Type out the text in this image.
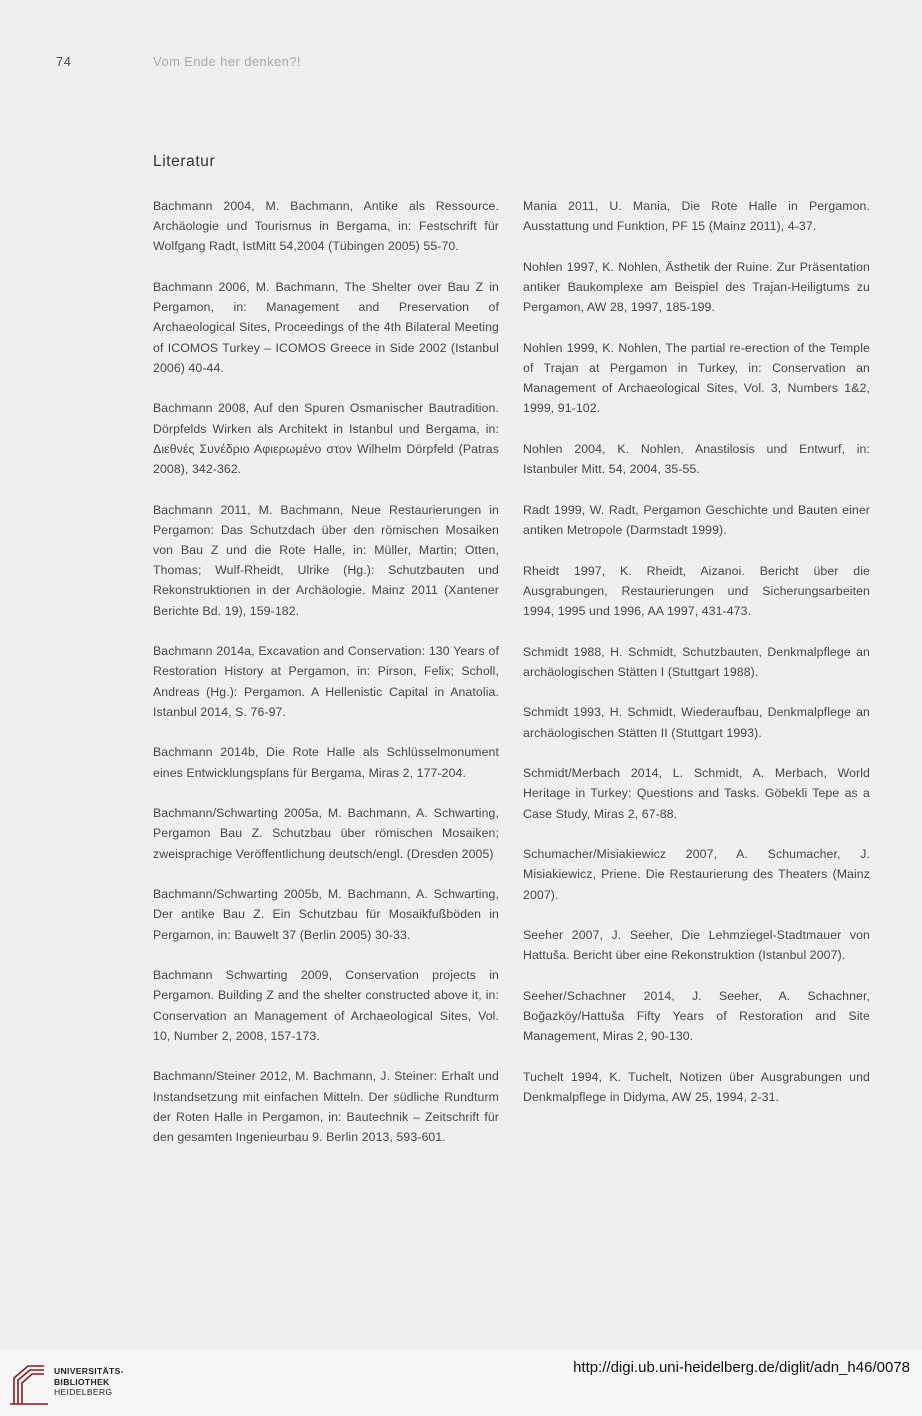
74	Vom Ende her denken?!
Literatur

Bachmann 2004, M. Bachmann, Antike als Ressource. Archäologie und Tourismus in Bergama, in: Festschrift für Wolfgang Radt, IstMitt 54,2004 (Tübingen 2005) 55-70.

Bachmann 2006, M. Bachmann, The Shelter over Bau Z in Pergamon, in: Management and Preservation of Archaeological Sites, Proceedings of the 4th Bilateral Meeting of ICOMOS Turkey – ICOMOS Greece in Side 2002 (Istanbul 2006) 40-44.

Bachmann 2008, Auf den Spuren Osmanischer Bautradition. Dörpfelds Wirken als Architekt in Istanbul und Bergama, in: Διεθνές Συνέδριο Αφιερωμένο στον Wilhelm Dörpfeld (Patras 2008), 342-362.

Bachmann 2011, M. Bachmann, Neue Restaurierungen in Pergamon: Das Schutzdach über den römischen Mosaiken von Bau Z und die Rote Halle, in: Müller, Martin; Otten, Thomas; Wulf-Rheidt, Ulrike (Hg.): Schutzbauten und Rekonstruktionen in der Archäologie. Mainz 2011 (Xantener Berichte Bd. 19), 159-182.

Bachmann 2014a, Excavation and Conservation: 130 Years of Restoration History at Pergamon, in: Pirson, Felix; Scholl, Andreas (Hg.): Pergamon. A Hellenistic Capital in Anatolia. Istanbul 2014, S. 76-97.

Bachmann 2014b, Die Rote Halle als Schlüsselmonument eines Entwicklungsplans für Bergama, Miras 2, 177-204.

Bachmann/Schwarting 2005a, M. Bachmann, A. Schwarting, Pergamon Bau Z. Schutzbau über römischen Mosaiken; zweisprachige Veröffentlichung deutsch/engl. (Dresden 2005)

Bachmann/Schwarting 2005b, M. Bachmann, A. Schwarting, Der antike Bau Z. Ein Schutzbau für Mosaikfußböden in Pergamon, in: Bauwelt 37 (Berlin 2005) 30-33.

Bachmann Schwarting 2009, Conservation projects in Pergamon. Building Z and the shelter constructed above it, in: Conservation an Management of Archaeological Sites, Vol. 10, Number 2, 2008, 157-173.

Bachmann/Steiner 2012, M. Bachmann, J. Steiner: Erhalt und Instandsetzung mit einfachen Mitteln. Der südliche Rundturm der Roten Halle in Pergamon, in: Bautechnik – Zeitschrift für den gesamten Ingenieurbau 9. Berlin 2013, 593-601.

Mania 2011, U. Mania, Die Rote Halle in Pergamon. Ausstattung und Funktion, PF 15 (Mainz 2011), 4-37.

Nohlen 1997, K. Nohlen, Ästhetik der Ruine. Zur Präsentation antiker Baukomplexe am Beispiel des Trajan-Heiligtums zu Pergamon, AW 28, 1997, 185-199.

Nohlen 1999, K. Nohlen, The partial re-erection of the Temple of Trajan at Pergamon in Turkey, in: Conservation an Management of Archaeological Sites, Vol. 3, Numbers 1&2, 1999, 91-102.

Nohlen 2004, K. Nohlen, Anastilosis und Entwurf, in: Istanbuler Mitt. 54, 2004, 35-55.

Radt 1999, W. Radt, Pergamon Geschichte und Bauten einer antiken Metropole (Darmstadt 1999).

Rheidt 1997, K. Rheidt, Aizanoi. Bericht über die Ausgrabungen, Restaurierungen und Sicherungsarbeiten 1994, 1995 und 1996, AA 1997, 431-473.

Schmidt 1988, H. Schmidt, Schutzbauten, Denkmalpflege an archäologischen Stätten I (Stuttgart 1988).

Schmidt 1993, H. Schmidt, Wiederaufbau, Denkmalpflege an archäologischen Stätten II (Stuttgart 1993).

Schmidt/Merbach 2014, L. Schmidt, A. Merbach, World Heritage in Turkey: Questions and Tasks. Göbekli Tepe as a Case Study, Miras 2, 67-88.

Schumacher/Misiakiewicz 2007, A. Schumacher, J. Misiakiewicz, Priene. Die Restaurierung des Theaters (Mainz 2007).

Seeher 2007, J. Seeher, Die Lehmziegel-Stadtmauer von Hattuša. Bericht über eine Rekonstruktion (Istanbul 2007).

Seeher/Schachner 2014, J. Seeher, A. Schachner, Boğazköy/Hattuša Fifty Years of Restoration and Site Management, Miras 2, 90-130.

Tuchelt 1994, K. Tuchelt, Notizen über Ausgrabungen und Denkmalpflege in Didyma, AW 25, 1994, 2-31.

UNIVERSITÄTS-
BIBLIOTHEK
HEIDELBERG
http://digi.ub.uni-heidelberg.de/diglit/adn_h46/0078
